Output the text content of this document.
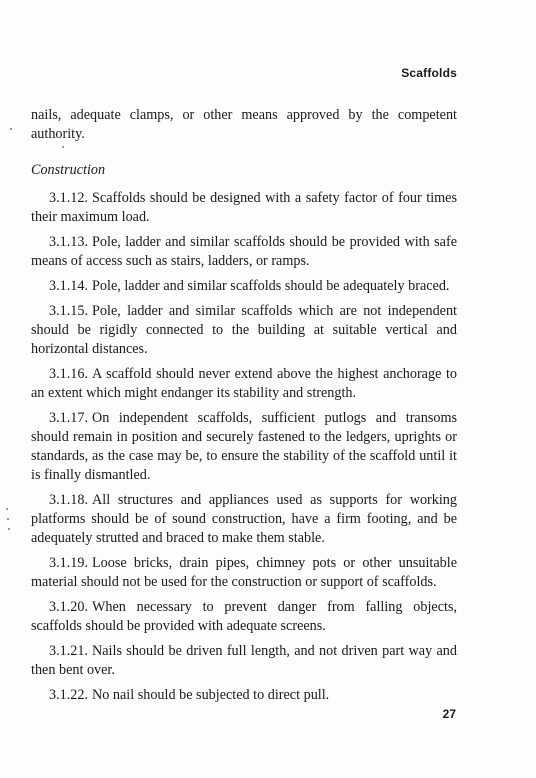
Scaffolds

nails, adequate clamps, or other means approved by the competent authority.

Construction

3.1.12. Scaffolds should be designed with a safety factor of four times their maximum load.

3.1.13. Pole, ladder and similar scaffolds should be provided with safe means of access such as stairs, ladders, or ramps.

3.1.14. Pole, ladder and similar scaffolds should be adequately braced.

3.1.15. Pole, ladder and similar scaffolds which are not independent should be rigidly connected to the building at suitable vertical and horizontal distances.

3.1.16. A scaffold should never extend above the highest anchorage to an extent which might endanger its stability and strength.

3.1.17. On independent scaffolds, sufficient putlogs and transoms should remain in position and securely fastened to the ledgers, uprights or standards, as the case may be, to ensure the stability of the scaffold until it is finally dismantled.

3.1.18. All structures and appliances used as supports for working platforms should be of sound construction, have a firm footing, and be adequately strutted and braced to make them stable.

3.1.19. Loose bricks, drain pipes, chimney pots or other unsuitable material should not be used for the construction or support of scaffolds.

3.1.20. When necessary to prevent danger from falling objects, scaffolds should be provided with adequate screens.

3.1.21. Nails should be driven full length, and not driven part way and then bent over.

3.1.22. No nail should be subjected to direct pull.

27
